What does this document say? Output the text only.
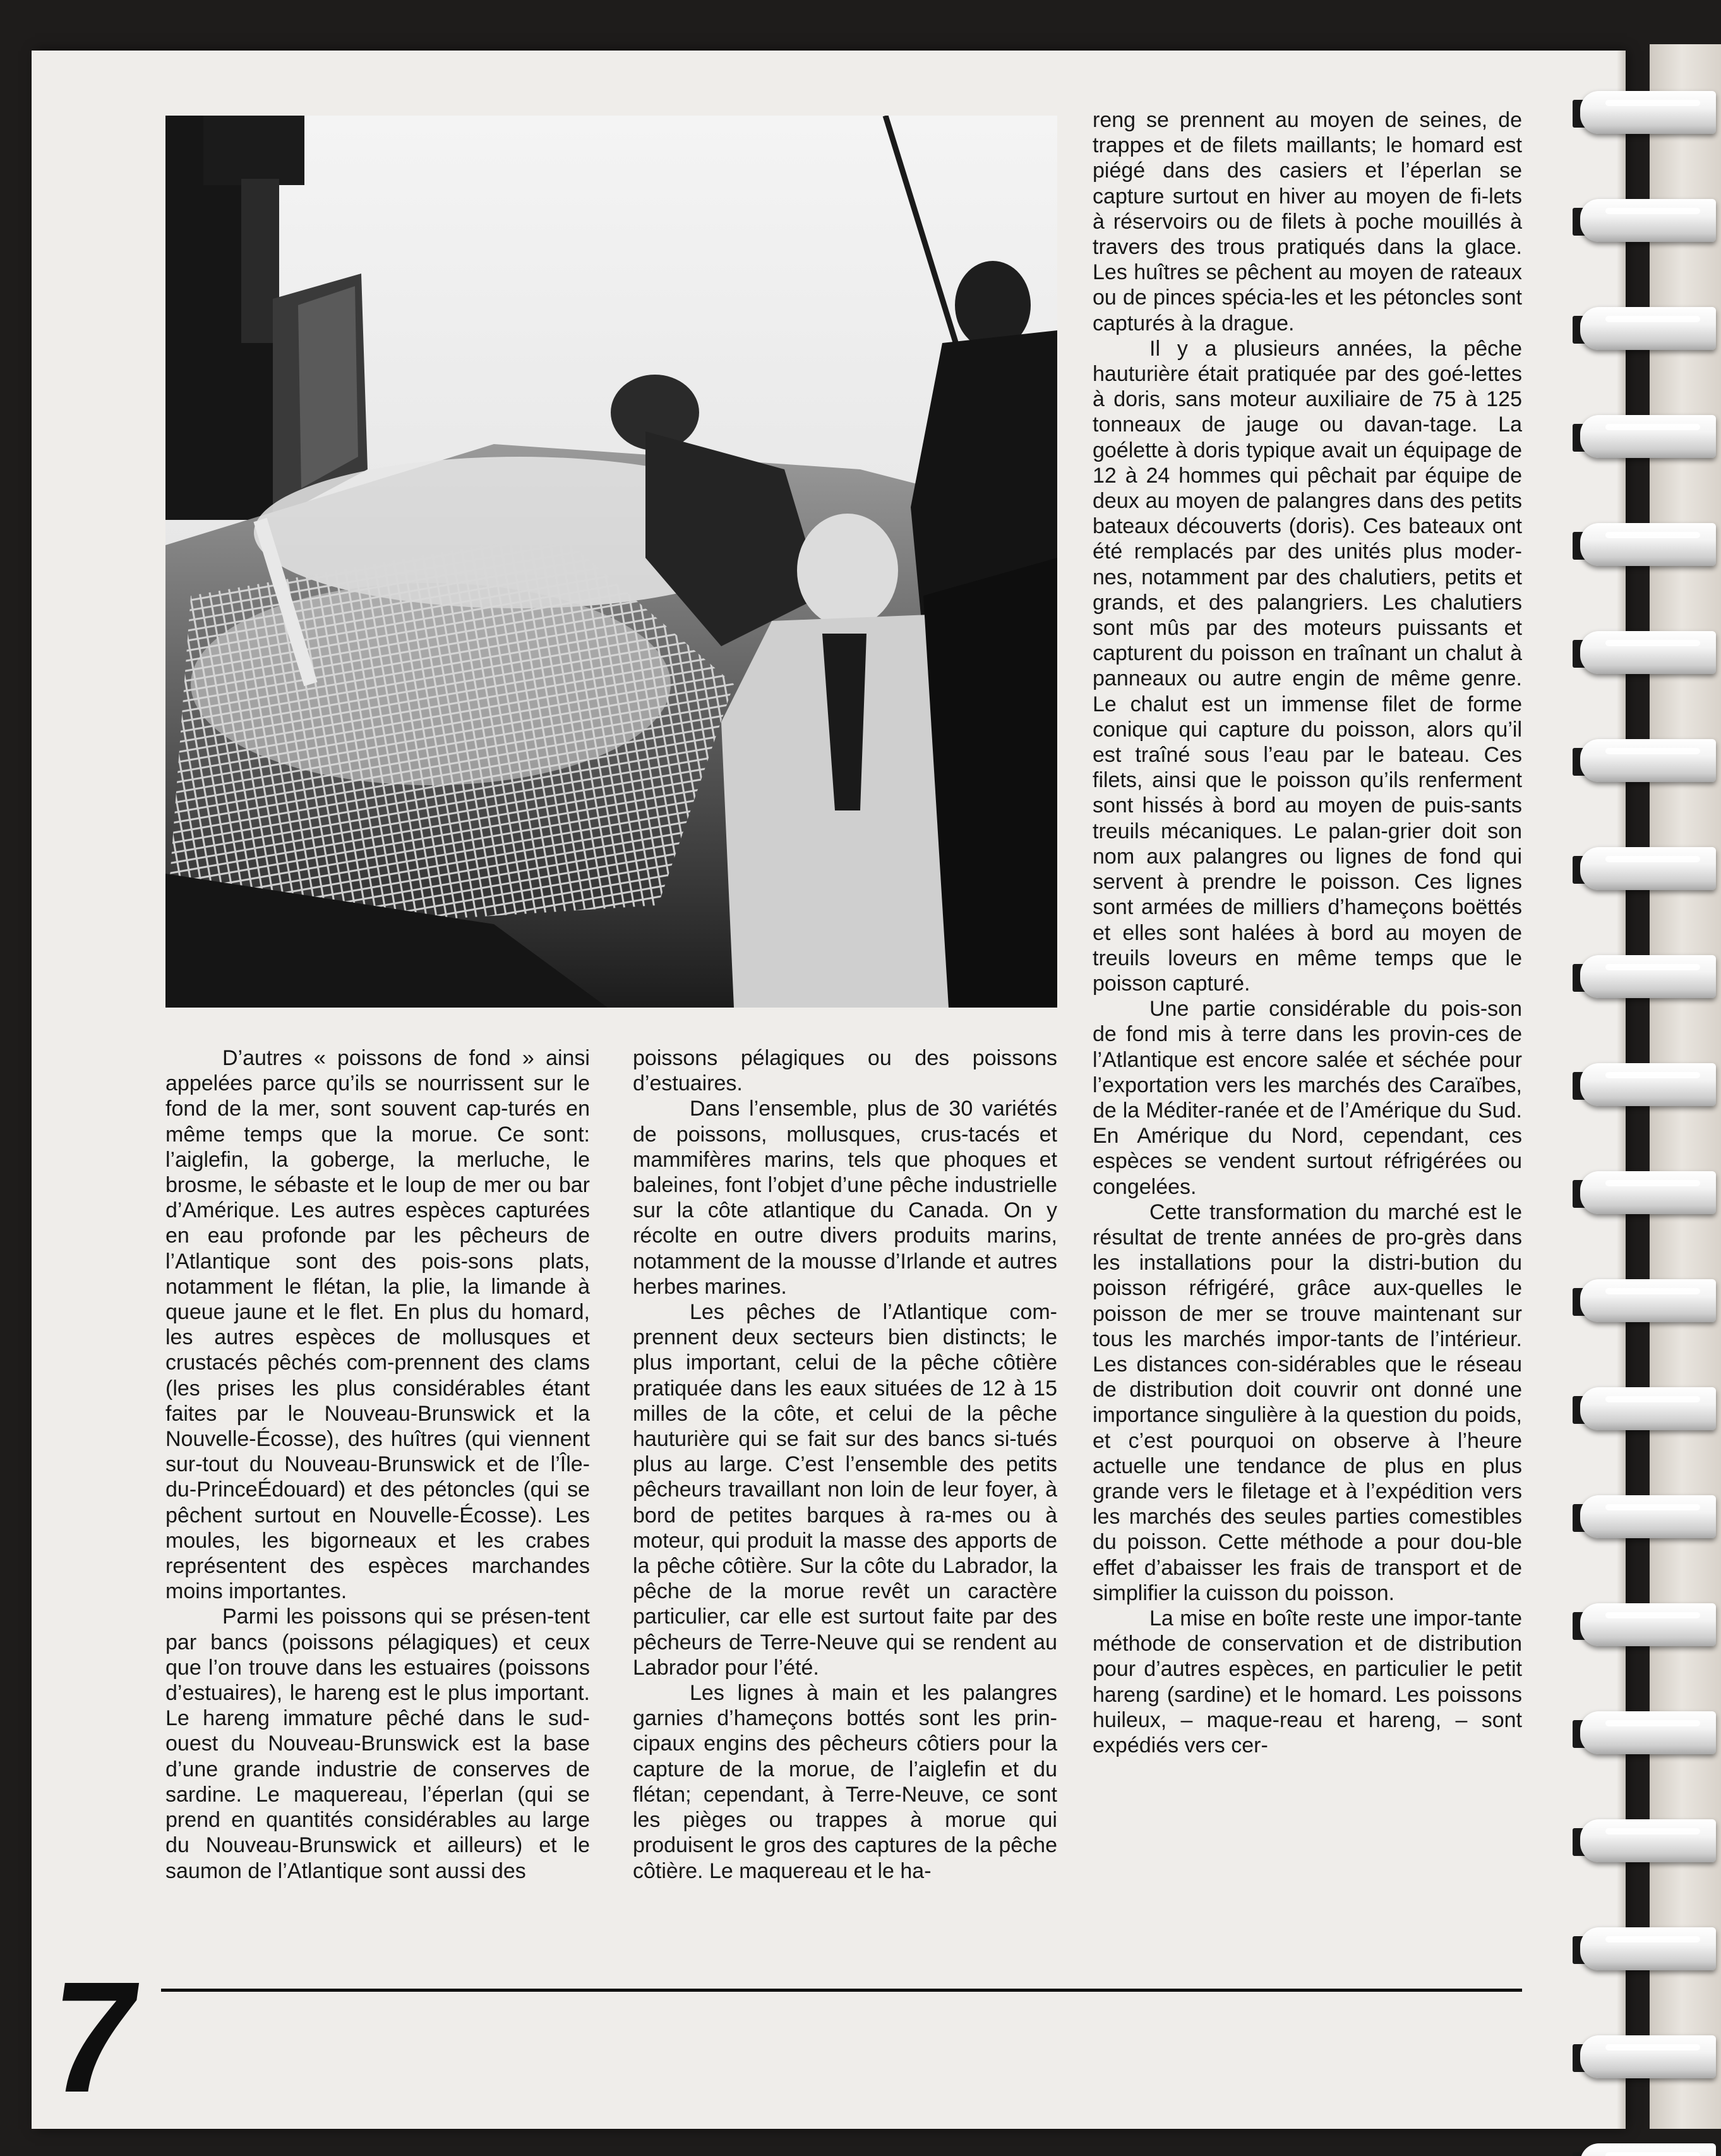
D’autres « poissons de fond » ainsi appelées parce qu’ils se nourrissent sur le fond de la mer, sont souvent cap-turés en même temps que la morue. Ce sont: l’aiglefin, la goberge, la merluche, le brosme, le sébaste et le loup de mer ou bar d’Amérique. Les autres espèces capturées en eau profonde par les pêcheurs de l’Atlantique sont des pois-sons plats, notamment le flétan, la plie, la limande à queue jaune et le flet. En plus du homard, les autres espèces de mollusques et crustacés pêchés com-prennent des clams (les prises les plus considérables étant faites par le Nouveau-Brunswick et la Nouvelle-Écosse), des huîtres (qui viennent sur-tout du Nouveau-Brunswick et de l’Île-du-PrinceÉdouard) et des pétoncles (qui se pêchent surtout en Nouvelle-Écosse). Les moules, les bigorneaux et les crabes représentent des espèces marchandes moins importantes.

Parmi les poissons qui se présen-tent par bancs (poissons pélagiques) et ceux que l’on trouve dans les estuaires (poissons d’estuaires), le hareng est le plus important. Le hareng immature pêché dans le sud-ouest du Nouveau-Brunswick est la base d’une grande industrie de conserves de sardine. Le maquereau, l’éperlan (qui se prend en quantités considérables au large du Nouveau-Brunswick et ailleurs) et le saumon de l’Atlantique sont aussi des

poissons pélagiques ou des poissons d’estuaires.

Dans l’ensemble, plus de 30 variétés de poissons, mollusques, crus-tacés et mammifères marins, tels que phoques et baleines, font l’objet d’une pêche industrielle sur la côte atlantique du Canada. On y récolte en outre divers produits marins, notamment de la mousse d’Irlande et autres herbes marines.

Les pêches de l’Atlantique com-prennent deux secteurs bien distincts; le plus important, celui de la pêche côtière pratiquée dans les eaux situées de 12 à 15 milles de la côte, et celui de la pêche hauturière qui se fait sur des bancs si-tués plus au large. C’est l’ensemble des petits pêcheurs travaillant non loin de leur foyer, à bord de petites barques à ra-mes ou à moteur, qui produit la masse des apports de la pêche côtière. Sur la côte du Labrador, la pêche de la morue revêt un caractère particulier, car elle est surtout faite par des pêcheurs de Terre-Neuve qui se rendent au Labrador pour l’été.

Les lignes à main et les palangres garnies d’hameçons bottés sont les prin-cipaux engins des pêcheurs côtiers pour la capture de la morue, de l’aiglefin et du flétan; cependant, à Terre-Neuve, ce sont les pièges ou trappes à morue qui produisent le gros des captures de la pêche côtière. Le maquereau et le ha-

reng se prennent au moyen de seines, de trappes et de filets maillants; le homard est piégé dans des casiers et l’éperlan se capture surtout en hiver au moyen de fi-lets à réservoirs ou de filets à poche mouillés à travers des trous pratiqués dans la glace. Les huîtres se pêchent au moyen de rateaux ou de pinces spécia-les et les pétoncles sont capturés à la drague.

Il y a plusieurs années, la pêche hauturière était pratiquée par des goé-lettes à doris, sans moteur auxiliaire de 75 à 125 tonneaux de jauge ou davan-tage. La goélette à doris typique avait un équipage de 12 à 24 hommes qui pêchait par équipe de deux au moyen de palangres dans des petits bateaux découverts (doris). Ces bateaux ont été remplacés par des unités plus moder-nes, notamment par des chalutiers, petits et grands, et des palangriers. Les chalutiers sont mûs par des moteurs puissants et capturent du poisson en traînant un chalut à panneaux ou autre engin de même genre. Le chalut est un immense filet de forme conique qui capture du poisson, alors qu’il est traîné sous l’eau par le bateau. Ces filets, ainsi que le poisson qu’ils renferment sont hissés à bord au moyen de puis-sants treuils mécaniques. Le palan-grier doit son nom aux palangres ou lignes de fond qui servent à prendre le poisson. Ces lignes sont armées de milliers d’hameçons boëttés et elles sont halées à bord au moyen de treuils loveurs en même temps que le poisson capturé.

Une partie considérable du pois-son de fond mis à terre dans les provin-ces de l’Atlantique est encore salée et séchée pour l’exportation vers les marchés des Caraïbes, de la Méditer-ranée et de l’Amérique du Sud. En Amérique du Nord, cependant, ces espèces se vendent surtout réfrigérées ou congelées.

Cette transformation du marché est le résultat de trente années de pro-grès dans les installations pour la distri-bution du poisson réfrigéré, grâce aux-quelles le poisson de mer se trouve maintenant sur tous les marchés impor-tants de l’intérieur. Les distances con-sidérables que le réseau de distribution doit couvrir ont donné une importance singulière à la question du poids, et c’est pourquoi on observe à l’heure actuelle une tendance de plus en plus grande vers le filetage et à l’expédition vers les marchés des seules parties comestibles du poisson. Cette méthode a pour dou-ble effet d’abaisser les frais de transport et de simplifier la cuisson du poisson.

La mise en boîte reste une impor-tante méthode de conservation et de distribution pour d’autres espèces, en particulier le petit hareng (sardine) et le homard. Les poissons huileux, – maque-reau et hareng, – sont expédiés vers cer-

7
